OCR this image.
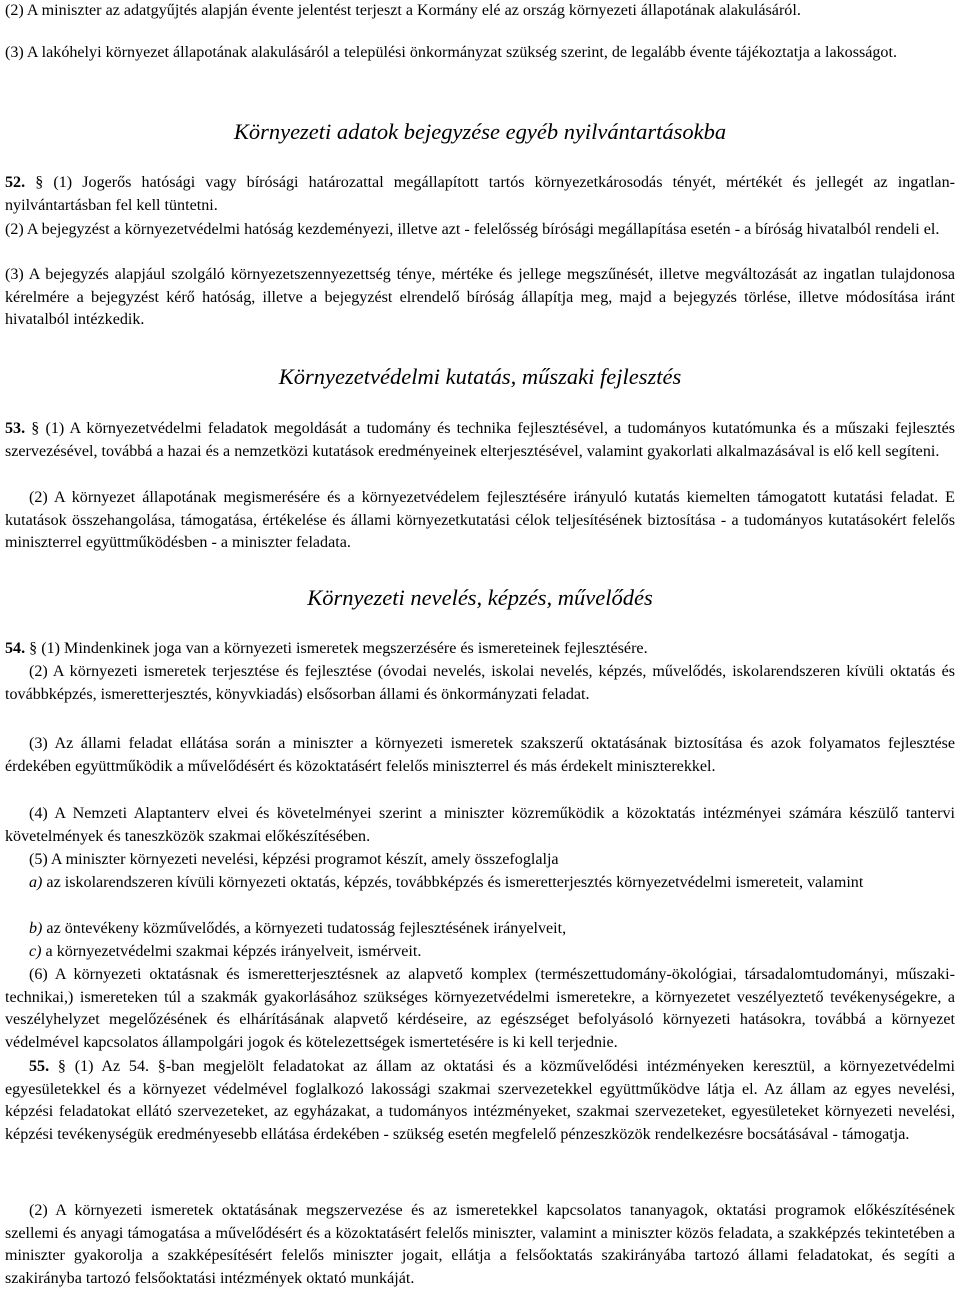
(2) A miniszter az adatgyűjtés alapján évente jelentést terjeszt a Kormány elé az ország környezeti állapotának alakulásáról.

(3) A lakóhelyi környezet állapotának alakulásáról a települési önkormányzat szükség szerint, de legalább évente tájékoztatja a lakosságot.

Környezeti adatok bejegyzése egyéb nyilvántartásokba

52. § (1) Jogerős hatósági vagy bírósági határozattal megállapított tartós környezetkárosodás tényét, mértékét és jellegét az ingatlan-nyilvántartásban fel kell tüntetni.

(2) A bejegyzést a környezetvédelmi hatóság kezdeményezi, illetve azt - felelősség bírósági megállapítása esetén - a bíróság hivatalból rendeli el.

(3) A bejegyzés alapjául szolgáló környezetszennyezettség ténye, mértéke és jellege megszűnését, illetve megváltozását az ingatlan tulajdonosa kérelmére a bejegyzést kérő hatóság, illetve a bejegyzést elrendelő bíróság állapítja meg, majd a bejegyzés törlése, illetve módosítása iránt hivatalból intézkedik.

Környezetvédelmi kutatás, műszaki fejlesztés

53. § (1) A környezetvédelmi feladatok megoldását a tudomány és technika fejlesztésével, a tudományos kutatómunka és a műszaki fejlesztés szervezésével, továbbá a hazai és a nemzetközi kutatások eredményeinek elterjesztésével, valamint gyakorlati alkalmazásával is elő kell segíteni.

(2) A környezet állapotának megismerésére és a környezetvédelem fejlesztésére irányuló kutatás kiemelten támogatott kutatási feladat. E kutatások összehangolása, támogatása, értékelése és állami környezetkutatási célok teljesítésének biztosítása - a tudományos kutatásokért felelős miniszterrel együttműködésben - a miniszter feladata.

Környezeti nevelés, képzés, művelődés

54. § (1) Mindenkinek joga van a környezeti ismeretek megszerzésére és ismereteinek fejlesztésére.

(2) A környezeti ismeretek terjesztése és fejlesztése (óvodai nevelés, iskolai nevelés, képzés, művelődés, iskolarendszeren kívüli oktatás és továbbképzés, ismeretterjesztés, könyvkiadás) elsősorban állami és önkormányzati feladat.

(3) Az állami feladat ellátása során a miniszter a környezeti ismeretek szakszerű oktatásának biztosítása és azok folyamatos fejlesztése érdekében együttműködik a művelődésért és közoktatásért felelős miniszterrel és más érdekelt miniszterekkel.

(4) A Nemzeti Alaptanterv elvei és követelményei szerint a miniszter közreműködik a közoktatás intézményei számára készülő tantervi követelmények és taneszközök szakmai előkészítésében.

(5) A miniszter környezeti nevelési, képzési programot készít, amely összefoglalja

a) az iskolarendszeren kívüli környezeti oktatás, képzés, továbbképzés és ismeretterjesztés környezetvédelmi ismereteit, valamint

b) az öntevékeny közművelődés, a környezeti tudatosság fejlesztésének irányelveit,

c) a környezetvédelmi szakmai képzés irányelveit, ismérveit.

(6) A környezeti oktatásnak és ismeretterjesztésnek az alapvető komplex (természettudomány-ökológiai, társadalomtudományi, műszaki-technikai,) ismereteken túl a szakmák gyakorlásához szükséges környezetvédelmi ismeretekre, a környezetet veszélyeztető tevékenységekre, a veszélyhelyzet megelőzésének és elhárításának alapvető kérdéseire, az egészséget befolyásoló környezeti hatásokra, továbbá a környezet védelmével kapcsolatos állampolgári jogok és kötelezettségek ismertetésére is ki kell terjednie.

55. § (1) Az 54. §-ban megjelölt feladatokat az állam az oktatási és a közművelődési intézményeken keresztül, a környezetvédelmi egyesületekkel és a környezet védelmével foglalkozó lakossági szakmai szervezetekkel együttműködve látja el. Az állam az egyes nevelési, képzési feladatokat ellátó szervezeteket, az egyházakat, a tudományos intézményeket, szakmai szervezeteket, egyesületeket környezeti nevelési, képzési tevékenységük eredményesebb ellátása érdekében - szükség esetén megfelelő pénzeszközök rendelkezésre bocsátásával - támogatja.

(2) A környezeti ismeretek oktatásának megszervezése és az ismeretekkel kapcsolatos tananyagok, oktatási programok előkészítésének szellemi és anyagi támogatása a művelődésért és a közoktatásért felelős miniszter, valamint a miniszter közös feladata, a szakképzés tekintetében a miniszter gyakorolja a szakképesítésért felelős miniszter jogait, ellátja a felsőoktatás szakirányába tartozó állami feladatokat, és segíti a szakirányba tartozó felsőoktatási intézmények oktató munkáját.
